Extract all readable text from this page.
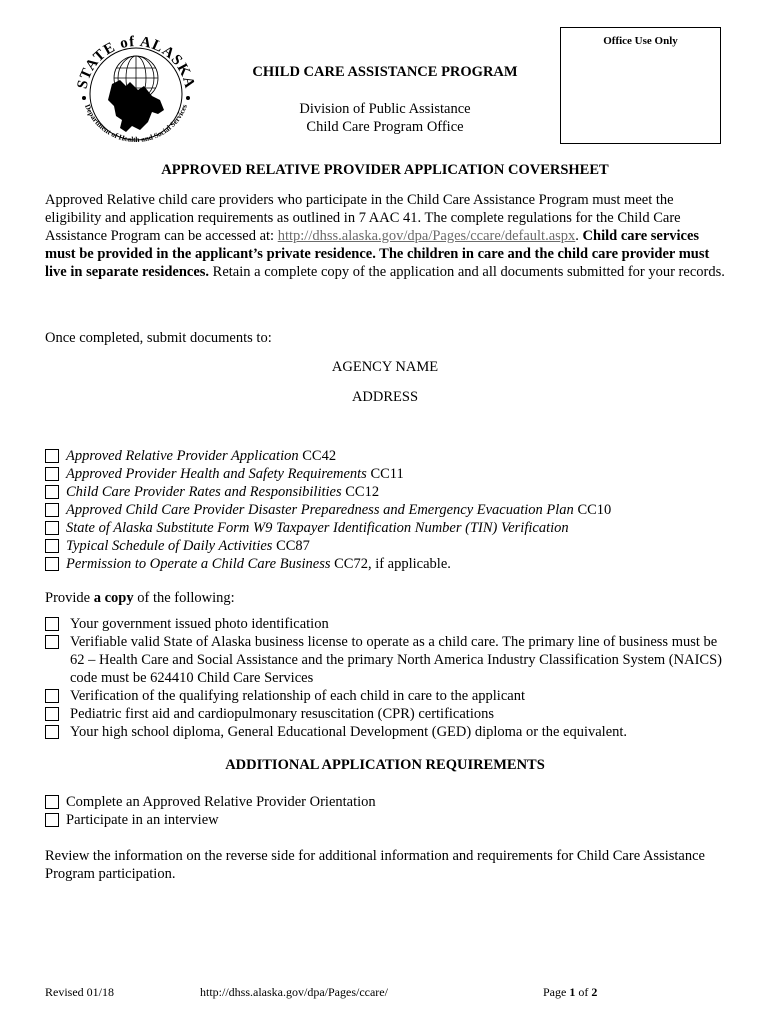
STATE of ALASKA
Department of Health and Social Services
Office Use Only
CHILD CARE ASSISTANCE PROGRAM
Division of Public Assistance
Child Care Program Office
APPROVED RELATIVE PROVIDER APPLICATION COVERSHEET

Approved Relative child care providers who participate in the Child Care Assistance Program must meet the eligibility and application requirements as outlined in 7 AAC 41. The complete regulations for the Child Care Assistance Program can be accessed at: http://dhss.alaska.gov/dpa/Pages/ccare/default.aspx. Child care services must be provided in the applicant’s private residence. The children in care and the child care provider must live in separate residences. Retain a complete copy of the application and all documents submitted for your records.

Once completed, submit documents to:
AGENCY NAME
ADDRESS
Approved Relative Provider Application CC42
Approved Provider Health and Safety Requirements CC11
Child Care Provider Rates and Responsibilities CC12
Approved Child Care Provider Disaster Preparedness and Emergency Evacuation Plan CC10
State of Alaska Substitute Form W9 Taxpayer Identification Number (TIN) Verification
Typical Schedule of Daily Activities CC87
Permission to Operate a Child Care Business CC72, if applicable.
Provide a copy of the following:
Your government issued photo identification
Verifiable valid State of Alaska business license to operate as a child care. The primary line of business must be 62 – Health Care and Social Assistance and the primary North America Industry Classification System (NAICS) code must be 624410 Child Care Services
Verification of the qualifying relationship of each child in care to the applicant
Pediatric first aid and cardiopulmonary resuscitation (CPR) certifications
Your high school diploma, General Educational Development (GED) diploma or the equivalent.
ADDITIONAL APPLICATION REQUIREMENTS
Complete an Approved Relative Provider Orientation
Participate in an interview

Review the information on the reverse side for additional information and requirements for Child Care Assistance Program participation.

Revised 01/18	http://dhss.alaska.gov/dpa/Pages/ccare/	Page 1 of 2
